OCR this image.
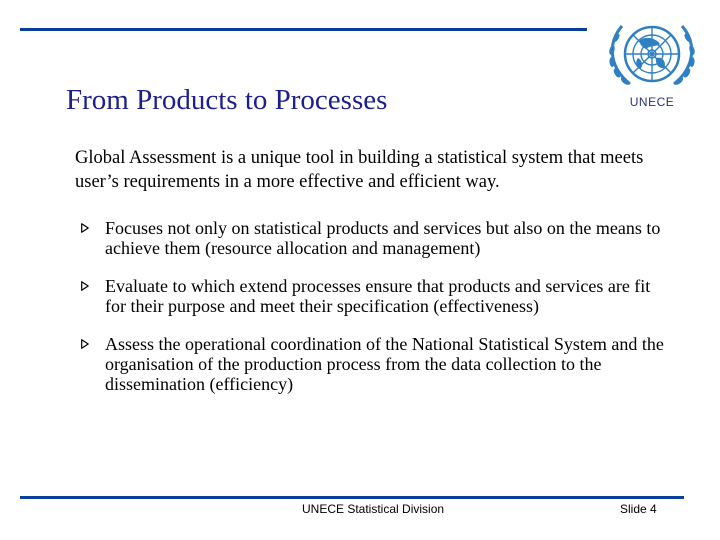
UNECE
From Products to Processes
Global Assessment is a unique tool in building a statistical system that meets user’s requirements in a more effective and efficient way.
Focuses not only on statistical products and services but also on the means to achieve them (resource allocation and management)
Evaluate to which extend processes ensure that products and services are fit for their purpose and meet their specification (effectiveness)
Assess the operational coordination of the National Statistical System and the organisation of the production process from the data collection to the dissemination (efficiency)
UNECE Statistical Division	Slide 4
